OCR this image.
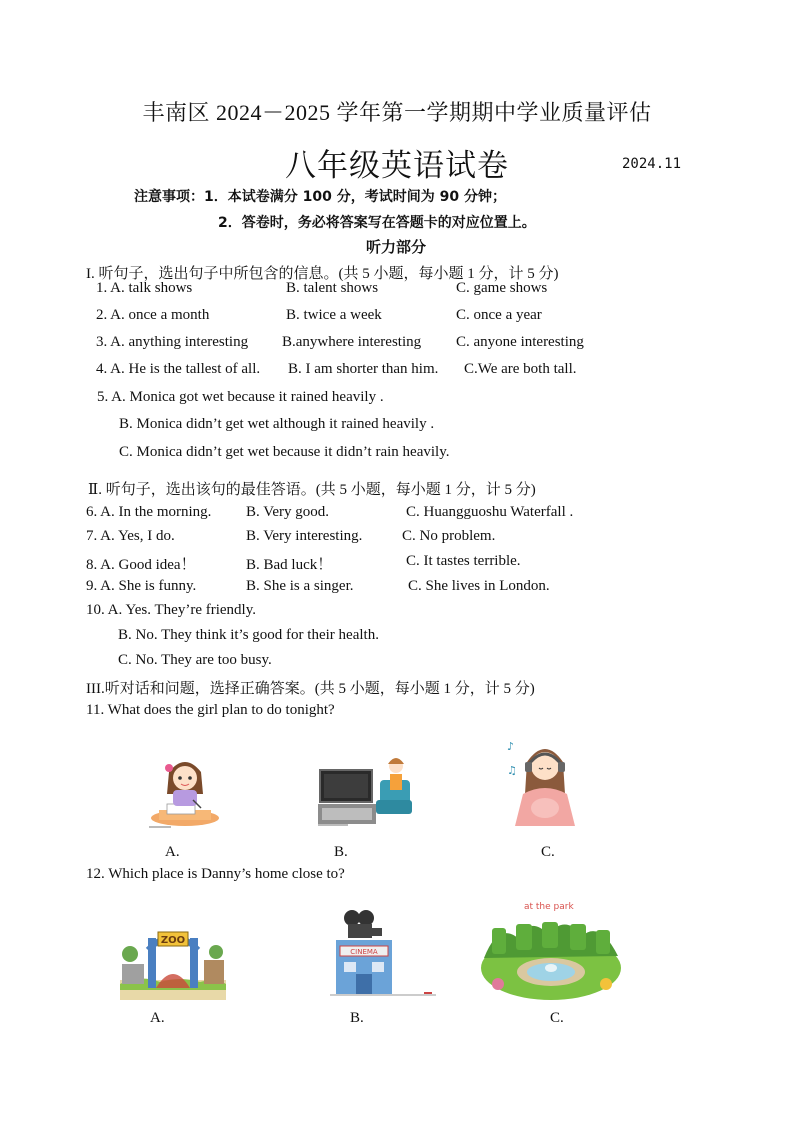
丰南区 2024－2025 学年第一学期期中学业质量评估
八年级英语试卷	2024.11
注意事项：1．本试卷满分 100 分，考试时间为 90 分钟；
2．答卷时，务必将答案写在答题卡的对应位置上。
听力部分
I. 听句子，选出句子中所包含的信息。(共 5 小题，每小题 1 分，计 5 分)
1. A. talk shows	B. talent shows	C. game shows
2. A. once a month	B. twice a week	C. once a year
3. A. anything interesting B.anywhere interesting C. anyone interesting
4. A. He is the tallest of all. B. I am shorter than him. C.We are both tall.
5. A. Monica got wet because it rained heavily .
B. Monica didn’t get wet although it rained heavily .
C. Monica didn’t get wet because it didn’t rain heavily.
Ⅱ. 听句子，选出该句的最佳答语。(共 5 小题，每小题 1 分，计 5 分)
6. A. In the morning. B. Very good.	C. Huangguoshu Waterfall .
7. A. Yes, I do.	B. Very interesting.	C. No problem.
8. A. Good idea！	B. Bad luck！	C. It tastes terrible.
9. A. She is funny.	B. She is a singer.	C. She lives in London.
10. A. Yes. They’re friendly.
B. No. They think it’s good for their health.
C. No. They are too busy.
III.听对话和问题，选择正确答案。(共 5 小题，每小题 1 分，计 5 分)
11. What does the girl plan to do tonight?
♪
♫
A.	B.	C.
12. Which place is Danny’s home close to?
ZOO
CINEMA
at the park
A.	B.	C.
